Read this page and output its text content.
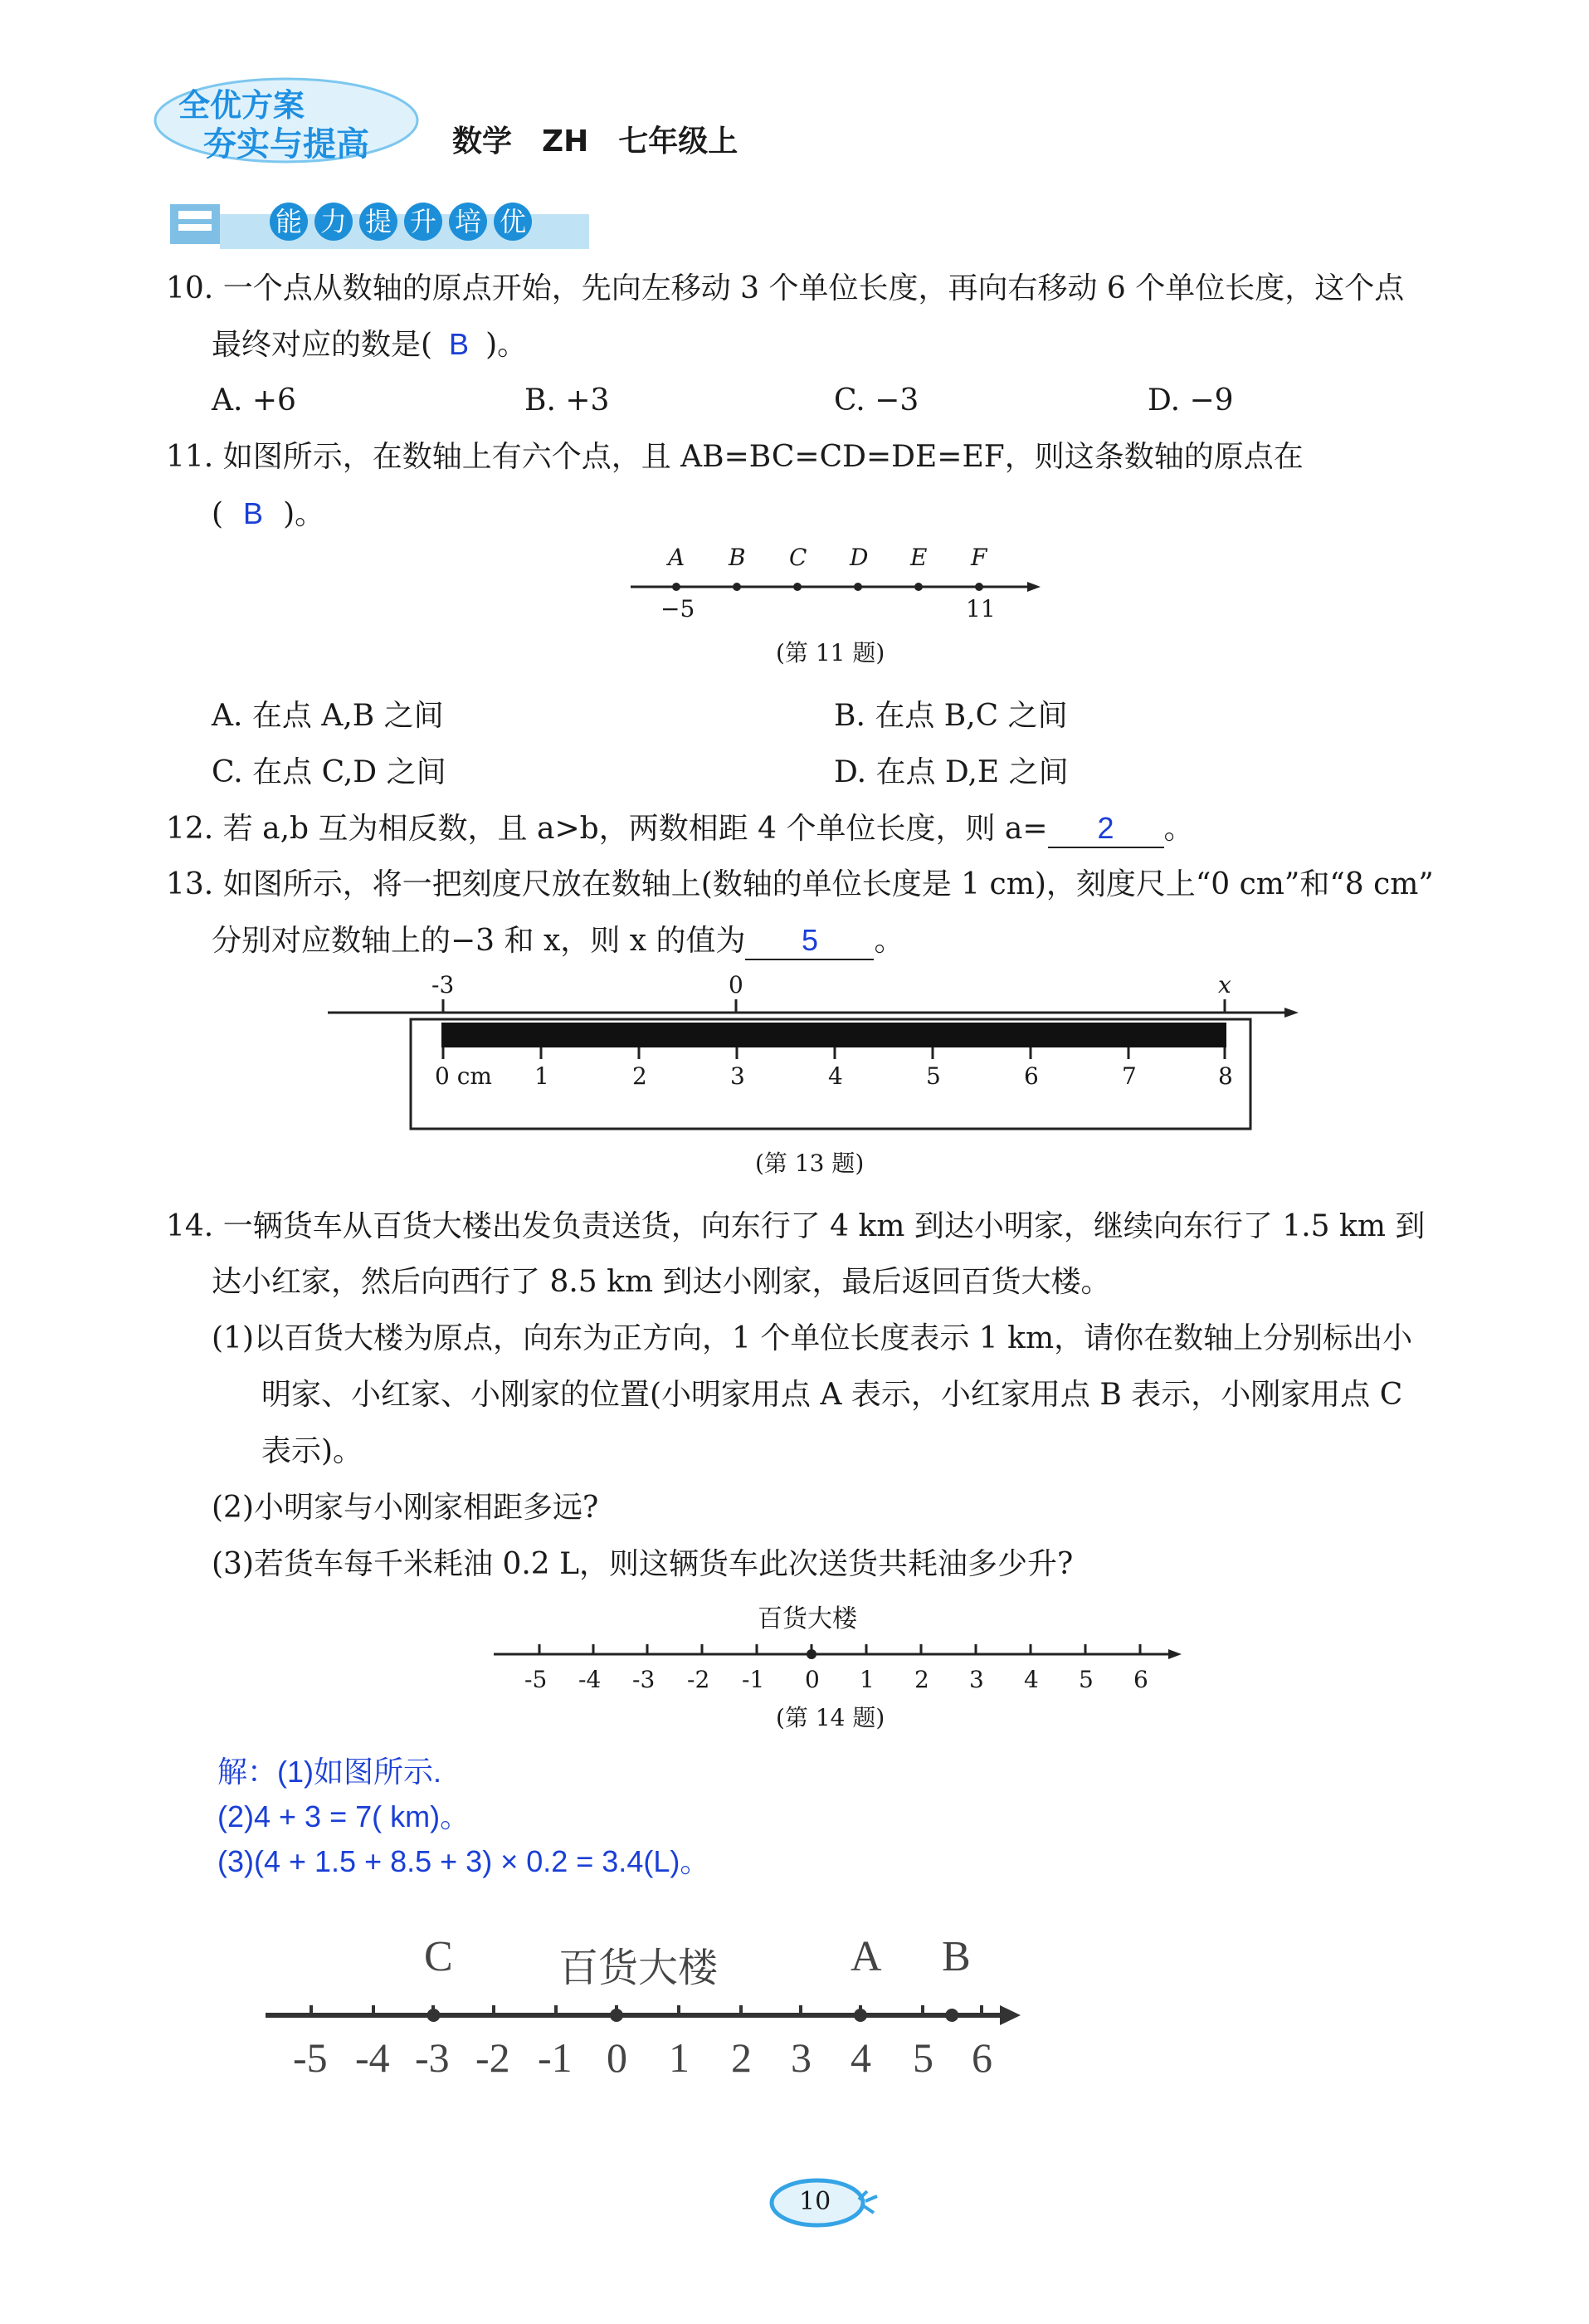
全优方案
夯实与提高	数学　ZH　七年级上
能 力 提 升 培 优
10. 一个点从数轴的原点开始，先向左移动 3 个单位长度，再向右移动 6 个单位长度，这个点
最终对应的数是( B )。
A. +6	B. +3	C. −3	D. −9
11. 如图所示，在数轴上有六个点，且 AB=BC=CD=DE=EF，则这条数轴的原点在
( B )。
A B C D E F
−5	11
(第 11 题)
A. 在点 A,B 之间	B. 在点 B,C 之间
C. 在点 C,D 之间	D. 在点 D,E 之间
12. 若 a,b 互为相反数，且 a>b，两数相距 4 个单位长度，则 a= 2 。
13. 如图所示，将一把刻度尺放在数轴上(数轴的单位长度是 1 cm)，刻度尺上“0 cm”和“8 cm”
分别对应数轴上的−3 和 x，则 x 的值为 5 。
-3	0	x
0 cm 1	2	3	4	5	6	7	8
(第 13 题)
14. 一辆货车从百货大楼出发负责送货，向东行了 4 km 到达小明家，继续向东行了 1.5 km 到
达小红家，然后向西行了 8.5 km 到达小刚家，最后返回百货大楼。
(1)以百货大楼为原点，向东为正方向，1 个单位长度表示 1 km，请你在数轴上分别标出小
明家、小红家、小刚家的位置(小明家用点 A 表示，小红家用点 B 表示，小刚家用点 C
表示)。
(2)小明家与小刚家相距多远?
(3)若货车每千米耗油 0.2 L，则这辆货车此次送货共耗油多少升?
百货大楼
-5 -4 -3 -2 -1 0 1 2 3 4 5 6
(第 14 题)
解：(1)如图所示.
(2)4 + 3 = 7( km)。
(3)(4 + 1.5 + 8.5 + 3) × 0.2 = 3.4(L)。
C	A B
百货大楼
-5 -4 -3 -2 -1 0 1 2 3 4 5 6
10
